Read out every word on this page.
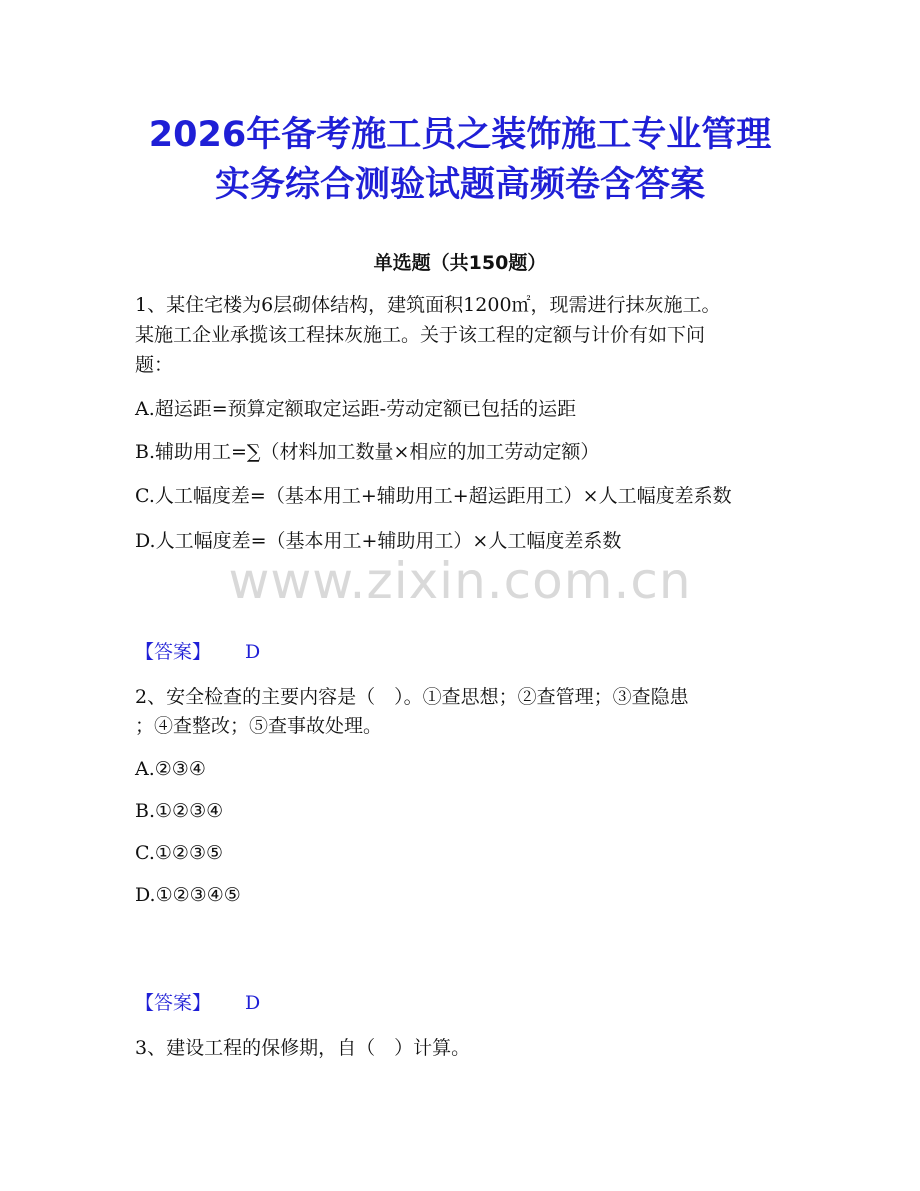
2026年备考施工员之装饰施工专业管理
实务综合测验试题高频卷含答案
单选题（共150题）
1、某住宅楼为6层砌体结构，建筑面积1200㎡，现需进行抹灰施工。
某施工企业承揽该工程抹灰施工。关于该工程的定额与计价有如下问
题：
A.超运距=预算定额取定运距-劳动定额已包括的运距
B.辅助用工=∑（材料加工数量×相应的加工劳动定额）
C.人工幅度差=（基本用工+辅助用工+超运距用工）×人工幅度差系数
D.人工幅度差=（基本用工+辅助用工）×人工幅度差系数
www.zixin.com.cn
【答案】 D
2、安全检查的主要内容是（　）。①查思想；②查管理；③查隐患
；④查整改；⑤查事故处理。
A.②③④
B.①②③④
C.①②③⑤
D.①②③④⑤
【答案】 D
3、建设工程的保修期，自（　）计算。
